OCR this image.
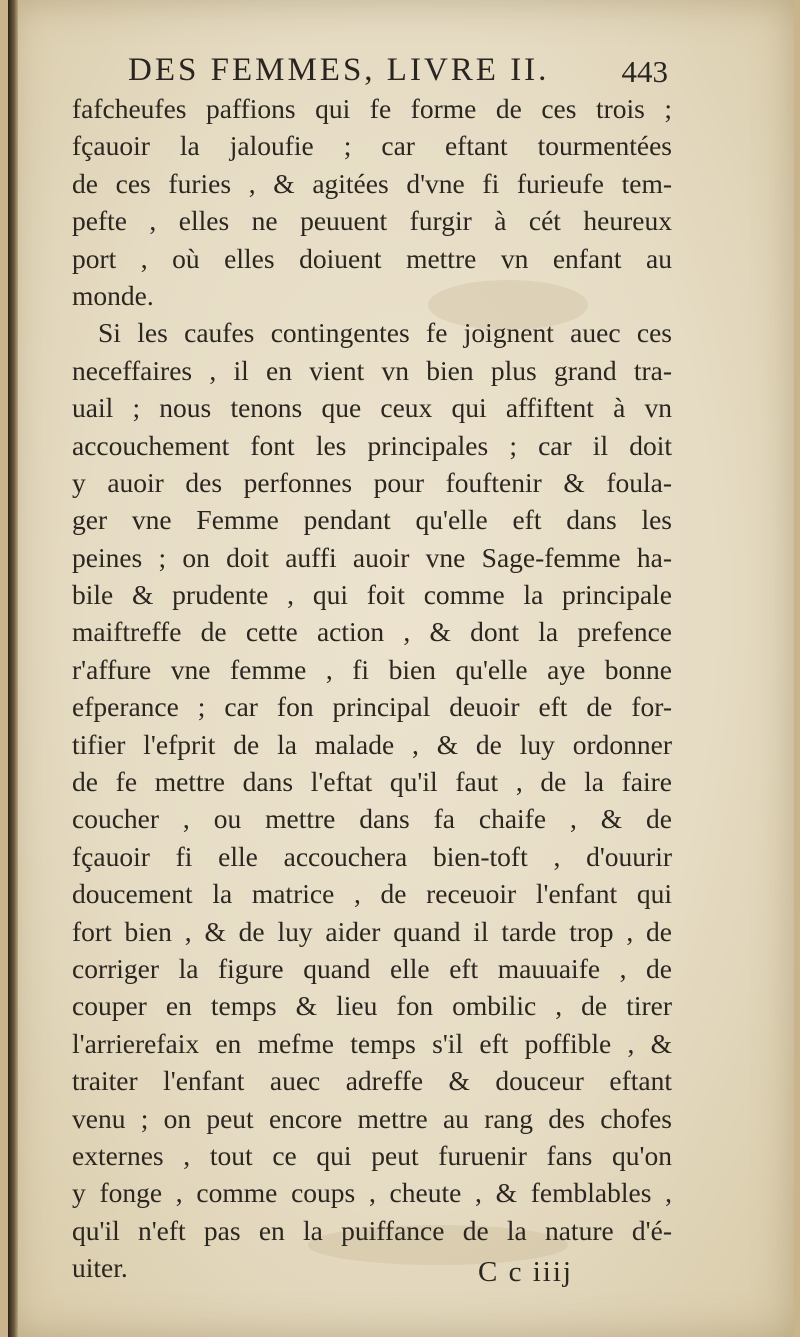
DES FEMMES, LIVRE II. 443
fafcheufes paffions qui fe forme de ces trois ;
fçauoir la jaloufie ; car eftant tourmentées
de ces furies , & agitées d'vne fi furieufe tem-
pefte , elles ne peuuent furgir à cét heureux
port , où elles doiuent mettre vn enfant au
monde.
Si les caufes contingentes fe joignent auec ces
neceffaires , il en vient vn bien plus grand tra-
uail ; nous tenons que ceux qui affiftent à vn
accouchement font les principales ; car il doit
y auoir des perfonnes pour fouftenir & foula-
ger vne Femme pendant qu'elle eft dans les
peines ; on doit auffi auoir vne Sage-femme ha-
bile & prudente , qui foit comme la principale
maiftreffe de cette action , & dont la prefence
r'affure vne femme , fi bien qu'elle aye bonne
efperance ; car fon principal deuoir eft de for-
tifier l'efprit de la malade , & de luy ordonner
de fe mettre dans l'eftat qu'il faut , de la faire
coucher , ou mettre dans fa chaife , & de
fçauoir fi elle accouchera bien-toft , d'ouurir
doucement la matrice , de receuoir l'enfant qui
fort bien , & de luy aider quand il tarde trop , de
corriger la figure quand elle eft mauuaife , de
couper en temps & lieu fon ombilic , de tirer
l'arrierefaix en mefme temps s'il eft poffible , &
traiter l'enfant auec adreffe & douceur eftant
venu ; on peut encore mettre au rang des chofes
externes , tout ce qui peut furuenir fans qu'on
y fonge , comme coups , cheute , & femblables ,
qu'il n'eft pas en la puiffance de la nature d'é-
uiter.	C c iiij
